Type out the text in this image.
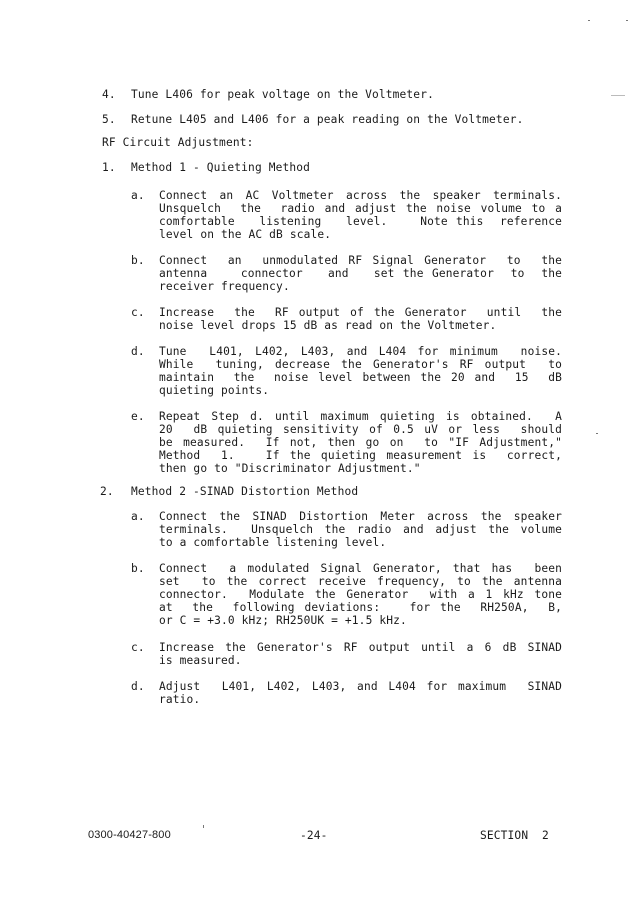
4. Tune L406 for peak voltage on the Voltmeter.
5. Retune L405 and L406 for a peak reading on the Voltmeter.
RF Circuit Adjustment:
1. Method 1 - Quieting Method
a. Connect an AC Voltmeter across the speaker terminals.
Unsquelch  the  radio and adjust the noise volume to a
comfortable   listening   level.    Note this  reference
level on the AC dB scale.
b. Connect  an  unmodulated RF Signal Generator  to  the
antenna    connector   and   set the Generator  to  the
receiver frequency.
c. Increase  the  RF output of the Generator  until  the
noise level drops 15 dB as read on the Voltmeter.
d. Tune  L401, L402, L403, and L404 for minimum  noise.
While  tuning, decrease the Generator's RF output  to
maintain  the  noise level between the 20 and  15  dB
quieting points.
e. Repeat Step d. until maximum quieting is obtained.  A
20  dB quieting sensitivity of 0.5 uV or less  should
be measured.  If not, then go on  to "IF Adjustment,"
Method  1.   If the quieting measurement is  correct,
then go to "Discriminator Adjustment."
2. Method 2 -SINAD Distortion Method
a. Connect the SINAD Distortion Meter across the speaker
terminals.  Unsquelch the radio and adjust the volume
to a comfortable listening level.
b. Connect  a modulated Signal Generator, that has  been
set  to the correct receive frequency, to the antenna
connector.  Modulate the Generator  with a 1 kHz tone
at  the  following deviations:   for the  RH250A,  B,
or C = +3.0 kHz; RH250UK = +1.5 kHz.
c. Increase the Generator's RF output until a 6 dB SINAD
is measured.
d. Adjust  L401, L402, L403, and L404 for maximum  SINAD
ratio.
0300-40427-800	-24-	SECTION  2
